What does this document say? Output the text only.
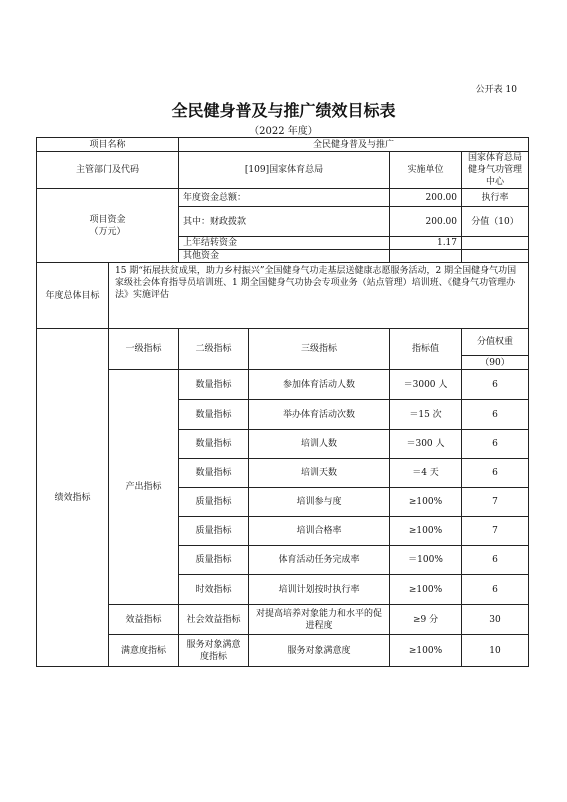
公开表 10
全民健身普及与推广绩效目标表
（2022 年度）
项目名称		全民健身普及与推广			
主管部门及代码		[109]国家体育总局		实施单位	国家体育总局健身气功管理中心
项目资金
（万元）		年度资金总额：		200.00	执行率
		其中：财政拨款		200.00	分值（10）
		上年结转资金		1.17	
		其他资金			
年度总体目标	15 期“拓展扶贫成果，助力乡村振兴”全国健身气功走基层送健康志愿服务活动，2 期全国健身气功国家级社会体育指导员培训班、1 期全国健身气功协会专项业务（站点管理）培训班、《健身气功管理办法》实施评估				
绩效指标	一级指标	二级指标	三级指标	指标值	分值权重
					（90）
	产出指标	数量指标	参加体育活动人数	＝3000 人	6
		数量指标	举办体育活动次数	＝15 次	6
		数量指标	培训人数	＝300 人	6
		数量指标	培训天数	＝4 天	6
		质量指标	培训参与度	≥100%	7
		质量指标	培训合格率	≥100%	7
		质量指标	体育活动任务完成率	＝100%	6
		时效指标	培训计划按时执行率	≥100%	6
	效益指标	社会效益指标	对提高培养对象能力和水平的促进程度	≥9 分	30
	满意度指标	服务对象满意度指标	服务对象满意度	≥100%	10
